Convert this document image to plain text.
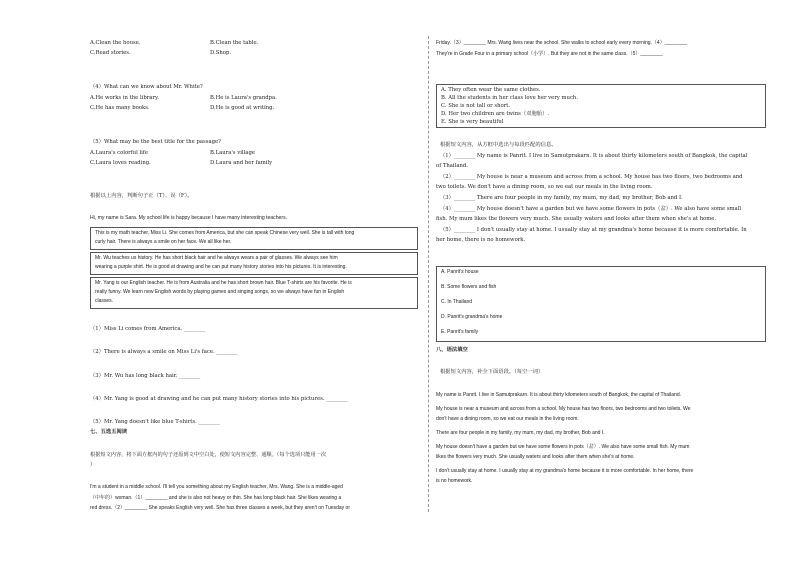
A.Clean the house.	B.Clean the table.
C.Read stories.	D.Shop.
（4）What can we know about Mr. White?
A.He works in the library.	B.He is Laura's grandpa.
C.He has many books.	D.He is good at writing.
（5）What may be the best title for the passage?
A.Laura's colorful life	B.Laura's village
C.Laura loves reading.	D.Laura and her family
根据以上内容，判断句子正（T）、误（F）。
Hi, my name is Sara. My school life is happy because I have many interesting teachers.
This is my math teacher, Miss Li. She comes from America, but she can speak Chinese very well. She is tall with long
curly hair. There is always a smile on her face. We all like her.
Mr. Wu teaches us history. He has short black hair and he always wears a pair of glasses. We always see him
wearing a purple shirt. He is good at drawing and he can put many history stories into his pictures. It is interesting.
Mr. Yang is our English teacher. He is from Australia and he has short brown hair. Blue T-shirts are his favorite. He is
really funny. We learn new English words by playing games and singing songs, so we always have fun in English
classes.
（1）Miss Li comes from America. ________
（2）There is always a smile on Miss Li's face. ________
（3）Mr. Wu has long black hair. ________
（4）Mr. Yang is good at drawing and he can put many history stories into his pictures. ________
（5）Mr. Yang doesn't like blue T-shirts. ________
七、五选五阅读
根据短文内容，将下面方框内的句子还原到文中空白处，使短文内容完整、通顺。（每个选项只能用一次
）
I'm a student in a middle school. I'll tell you something about my English teacher, Mrs. Wang. She is a middle-aged
（中年的）woman.（1）________ and she is also not heavy or thin. She has long black hair. She likes wearing a
red dress.（2）________ She speaks English very well. She has three classes a week, but they aren't on Tuesday or
Friday.（3）________ Mrs. Wang lives near the school. She walks to school early every morning.（4）________
They're in Grade Four in a primary school（小学）. But they are not in the same class.（5）________
A. They often wear the same clothes.
B. All the students in her class love her very much.
C. She is not tall or short.
D. Her two children are twins（双胞胎）.
E. She is very beautiful
根据短文内容，从方框中选出与每段匹配的信息。
（1）________ My name is Panrit. I live in Samutprakarn. It is about thirty kilometers south of Bangkok, the capital
of Thailand.
（2）________ My house is near a museum and across from a school. My house has two floors, two bedrooms and
two toilets. We don't have a dining room, so we eat our meals in the living room.
（3）________ There are four people in my family, my mum, my dad, my brother, Bob and I.
（4）________ My house doesn't have a garden but we have some flowers in pots（盆）. We also have some small
fish. My mum likes the flowers very much. She usually waters and looks after them when she's at home.
（5）________ I don't usually stay at home. I usually stay at my grandma's home because it is more comfortable. In
her home, there is no homework.
A. Panrit's house
B. Some flowers and fish
C. In Thailand
D. Panrit's grandma's home
E. Panrit's family
八、语法填空
根据短文内容，补全下面语段。（每空一词）
My name is Panrit. I live in Samutprakarn. It is about thirty kilometers south of Bangkok, the capital of Thailand.
My house is near a museum and across from a school. My house has two floors, two bedrooms and two toilets. We
don't have a dining room, so we eat our meals in the living room.
There are four people in my family, my mum, my dad, my brother, Bob and I.
My house doesn't have a garden but we have some flowers in pots（盆）. We also have some small fish. My mum
likes the flowers very much. She usually waters and looks after them when she's at home.
I don't usually stay at home. I usually stay at my grandma's home because it is more comfortable. In her home, there
is no homework.
